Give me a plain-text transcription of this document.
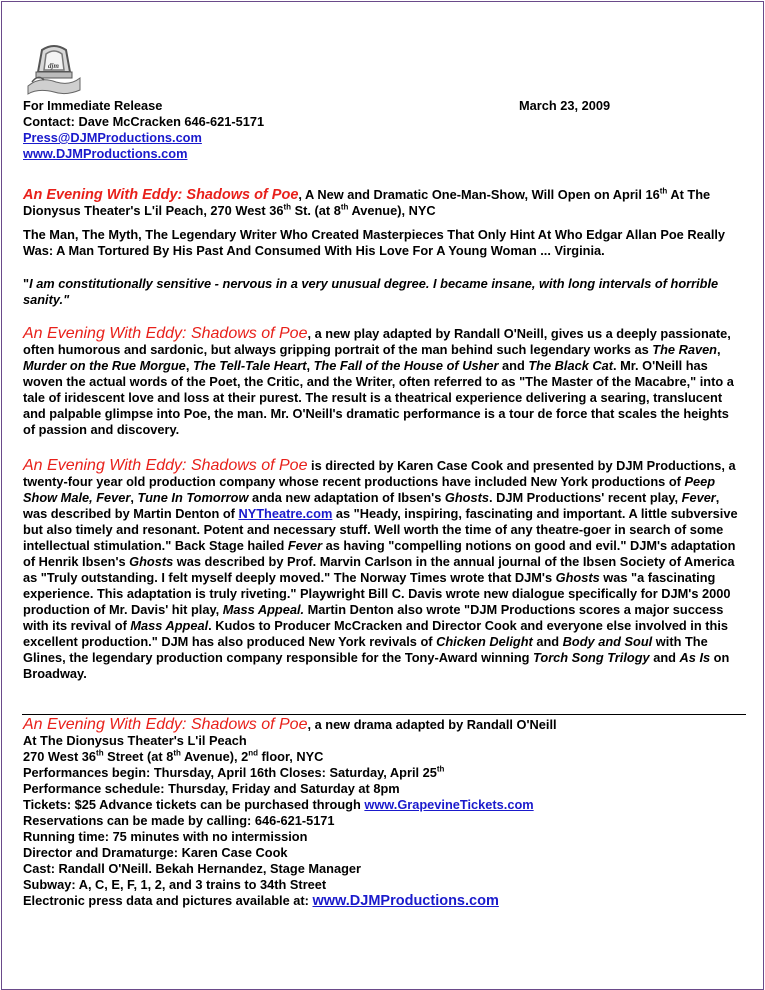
djm
For Immediate Release
Contact: Dave McCracken 646-621-5171
Press@DJMProductions.com
www.DJMProductions.com
March 23, 2009
An Evening With Eddy: Shadows of Poe, A New and Dramatic One-Man-Show, Will Open on April 16th At The Dionysus Theater's L'il Peach, 270 West 36th St. (at 8th Avenue), NYC
The Man, The Myth, The Legendary Writer Who Created Masterpieces That Only Hint At Who Edgar Allan Poe Really Was: A Man Tortured By His Past And Consumed With His Love For A Young Woman ... Virginia.
"I am constitutionally sensitive - nervous in a very unusual degree. I became insane, with long intervals of horrible sanity."
An Evening With Eddy: Shadows of Poe, a new play adapted by Randall O'Neill, gives us a deeply passionate, often humorous and sardonic, but always gripping portrait of the man behind such legendary works as The Raven, Murder on the Rue Morgue, The Tell-Tale Heart, The Fall of the House of Usher and The Black Cat. Mr. O'Neill has woven the actual words of the Poet, the Critic, and the Writer, often referred to as "The Master of the Macabre," into a tale of iridescent love and loss at their purest. The result is a theatrical experience delivering a searing, translucent and palpable glimpse into Poe, the man. Mr. O'Neill's dramatic performance is a tour de force that scales the heights of passion and discovery.
An Evening With Eddy: Shadows of Poe is directed by Karen Case Cook and presented by DJM Productions, a twenty-four year old production company whose recent productions have included New York productions of Peep Show Male, Fever, Tune In Tomorrow anda new adaptation of Ibsen's Ghosts. DJM Productions' recent play, Fever, was described by Martin Denton of NYTheatre.com as "Heady, inspiring, fascinating and important. A little subversive but also timely and resonant. Potent and necessary stuff. Well worth the time of any theatre-goer in search of some intellectual stimulation." Back Stage hailed Fever as having "compelling notions on good and evil." DJM's adaptation of Henrik Ibsen's Ghosts was described by Prof. Marvin Carlson in the annual journal of the Ibsen Society of America as "Truly outstanding. I felt myself deeply moved." The Norway Times wrote that DJM's Ghosts was "a fascinating experience. This adaptation is truly riveting." Playwright Bill C. Davis wrote new dialogue specifically for DJM's 2000 production of Mr. Davis' hit play, Mass Appeal. Martin Denton also wrote "DJM Productions scores a major success with its revival of Mass Appeal. Kudos to Producer McCracken and Director Cook and everyone else involved in this excellent production." DJM has also produced New York revivals of Chicken Delight and Body and Soul with The Glines, the legendary production company responsible for the Tony-Award winning Torch Song Trilogy and As Is on Broadway.
An Evening With Eddy: Shadows of Poe, a new drama adapted by Randall O'Neill
At The Dionysus Theater's L'il Peach
270 West 36th Street (at 8th Avenue), 2nd floor, NYC
Performances begin: Thursday, April 16th Closes: Saturday, April 25th
Performance schedule: Thursday, Friday and Saturday at 8pm
Tickets: $25 Advance tickets can be purchased through www.GrapevineTickets.com
Reservations can be made by calling: 646-621-5171
Running time: 75 minutes with no intermission
Director and Dramaturge: Karen Case Cook
Cast: Randall O'Neill. Bekah Hernandez, Stage Manager
Subway: A, C, E, F, 1, 2, and 3 trains to 34th Street
Electronic press data and pictures available at: www.DJMProductions.com
